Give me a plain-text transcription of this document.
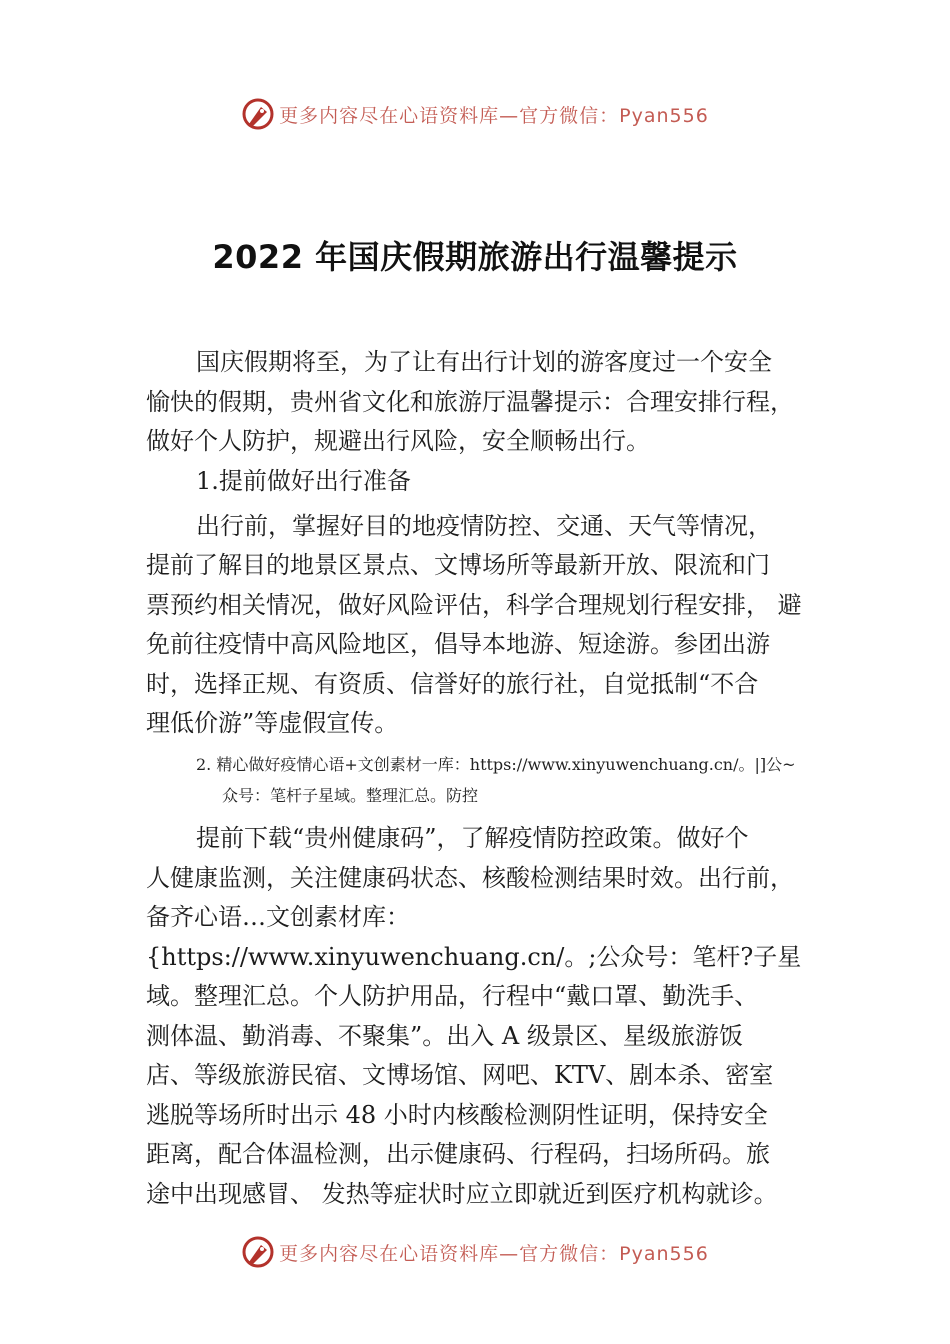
更多内容尽在心语资料库—官方微信：Pyan556
2022 年国庆假期旅游出行温馨提示
国庆假期将至，为了让有出行计划的游客度过一个安全
愉快的假期，贵州省文化和旅游厅温馨提示：合理安排行程，
做好个人防护，规避出行风险，安全顺畅出行。
1.提前做好出行准备
出行前，掌握好目的地疫情防控、交通、天气等情况，
提前了解目的地景区景点、文博场所等最新开放、限流和门
票预约相关情况，做好风险评估，科学合理规划行程安排， 避
免前往疫情中高风险地区，倡导本地游、短途游。参团出游
时，选择正规、有资质、信誉好的旅行社，自觉抵制“不合
理低价游”等虚假宣传。
2. 精心做好疫情心语+文创素材一库：https://www.xinyuwenchuang.cn/。|]公~
众号：笔杆子星域。整理汇总。防控
提前下载“贵州健康码”，了解疫情防控政策。做好个
人健康监测，关注健康码状态、核酸检测结果时效。出行前，
备齐心语…文创素材库：
{https://www.xinyuwenchuang.cn/。;公众号：笔杆?子星
域。整理汇总。个人防护用品，行程中“戴口罩、勤洗手、
测体温、勤消毒、不聚集”。出入 A 级景区、星级旅游饭
店、等级旅游民宿、文博场馆、网吧、KTV、剧本杀、密室
逃脱等场所时出示 48 小时内核酸检测阴性证明，保持安全
距离，配合体温检测，出示健康码、行程码，扫场所码。旅
途中出现感冒、 发热等症状时应立即就近到医疗机构就诊。
更多内容尽在心语资料库—官方微信：Pyan556
